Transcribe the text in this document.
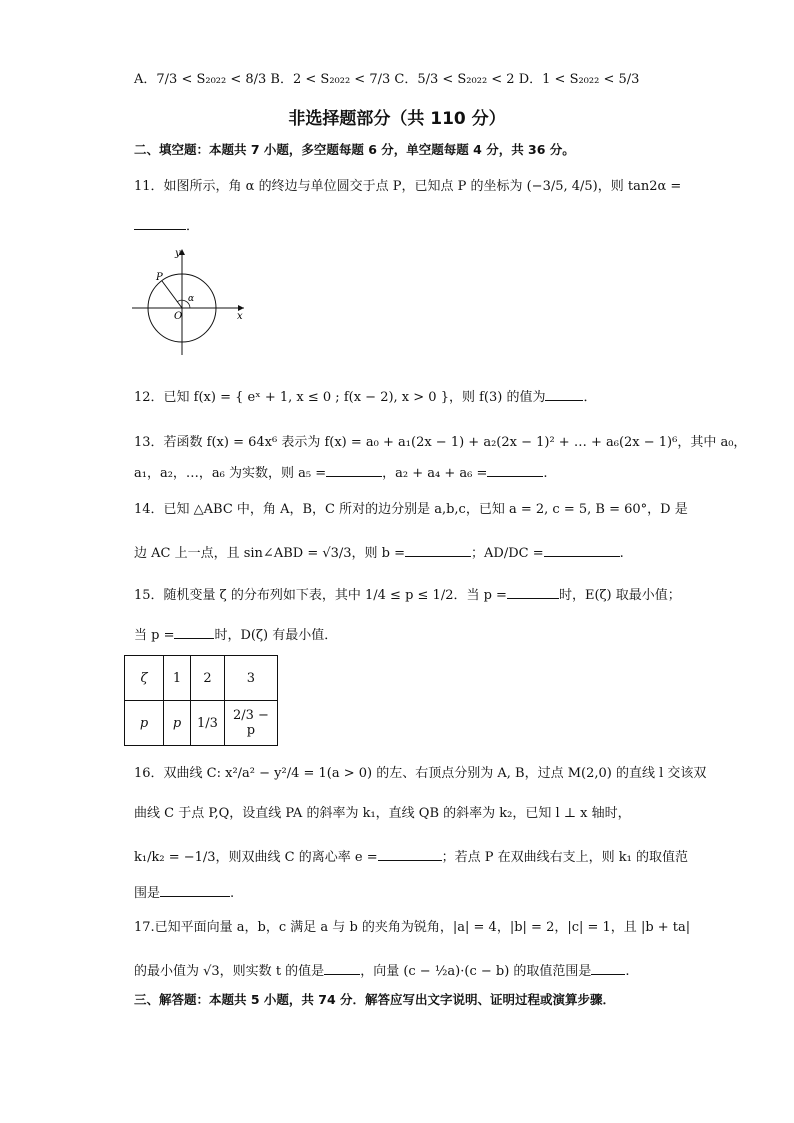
A．7/3 < S₂₀₂₂ < 8/3 B．2 < S₂₀₂₂ < 7/3 C．5/3 < S₂₀₂₂ < 2 D．1 < S₂₀₂₂ < 5/3
非选择题部分（共 110 分）
二、填空题：本题共 7 小题，多空题每题 6 分，单空题每题 4 分，共 36 分。
11．如图所示，角 α 的终边与单位圆交于点 P，已知点 P 的坐标为 (−3/5, 4/5)，则 tan2α =
．
y
x
P
O
α
12．已知 f(x) = { eˣ + 1, x ≤ 0 ; f(x − 2), x > 0 }，则 f(3) 的值为	．
13．若函数 f(x) = 64x⁶ 表示为 f(x) = a₀ + a₁(2x − 1) + a₂(2x − 1)² + … + a₆(2x − 1)⁶，其中 a₀，
a₁，a₂，…，a₆ 为实数，则 a₅ =	，a₂ + a₄ + a₆ =	.
14．已知 △ABC 中，角 A，B，C 所对的边分别是 a,b,c，已知 a = 2, c = 5, B = 60°，D 是
边 AC 上一点，且 sin∠ABD = √3/3，则 b =	；AD/DC =	.
15．随机变量 ζ 的分布列如下表，其中 1/4 ≤ p ≤ 1/2．当 p =	时，E(ζ) 取最小值；
当 p =	时，D(ζ) 有最小值．
ζ	1	2	3
p	p	1/3	2/3 − p
16．双曲线 C: x²/a² − y²/4 = 1(a > 0) 的左、右顶点分别为 A, B，过点 M(2,0) 的直线 l 交该双
曲线 C 于点 P,Q，设直线 PA 的斜率为 k₁，直线 QB 的斜率为 k₂，已知 l ⊥ x 轴时，
k₁/k₂ = −1/3，则双曲线 C 的离心率 e =	；若点 P 在双曲线右支上，则 k₁ 的取值范
围是	.
17.已知平面向量 a，b，c 满足 a 与 b 的夹角为锐角，|a| = 4，|b| = 2，|c| = 1，且 |b + ta|
的最小值为 √3，则实数 t 的值是	，向量 (c − ½a)·(c − b) 的取值范围是	.
三、解答题：本题共 5 小题，共 74 分．解答应写出文字说明、证明过程或演算步骤．
